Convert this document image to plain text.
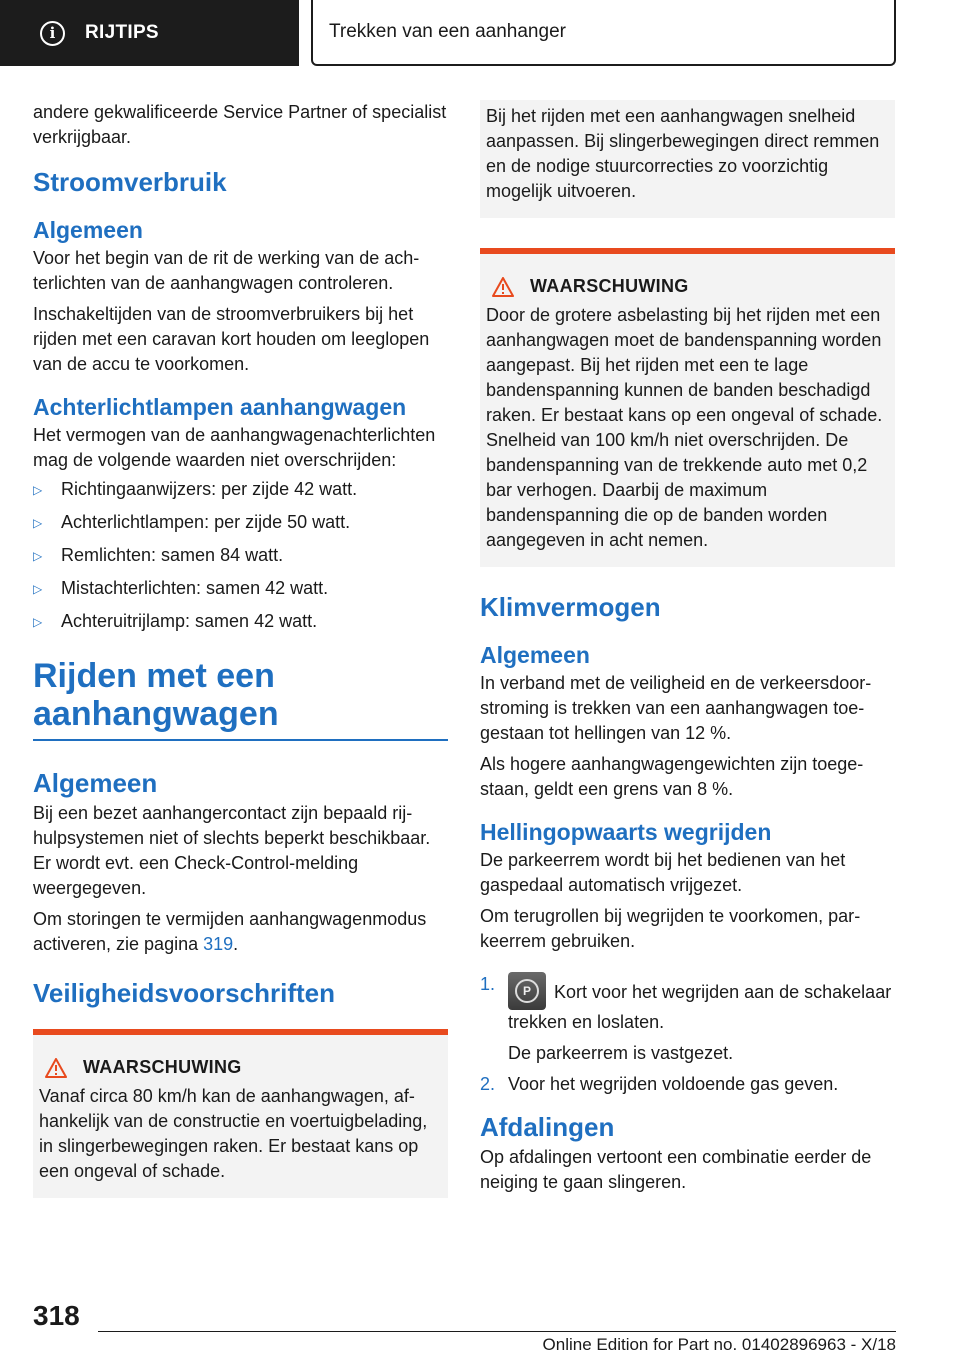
i	RIJTIPS	Trekken van een aanhanger

andere gekwalificeerde Service Partner of specialist verkrijgbaar.

Stroomverbruik
Algemeen

Voor het begin van de rit de werking van de achterlichten van de aanhangwagen controleren.

Inschakeltijden van de stroomverbruikers bij het rijden met een caravan kort houden om leeglopen van de accu te voorkomen.

Achterlichtlampen aanhangwagen

Het vermogen van de aanhangwagenachterlichten mag de volgende waarden niet overschrijden:

▷	Richtingaanwijzers: per zijde 42 watt.
▷	Achterlichtlampen: per zijde 50 watt.
▷	Remlichten: samen 84 watt.
▷	Mistachterlichten: samen 42 watt.
▷	Achteruitrijlamp: samen 42 watt.
Rijden met een aanhangwagen
Algemeen

Bij een bezet aanhangercontact zijn bepaald rijhulpsystemen niet of slechts beperkt beschikbaar. Er wordt evt. een Check-Control-melding weergegeven.

Om storingen te vermijden aanhangwagenmodus activeren, zie pagina 319.

Veiligheidsvoorschriften
WAARSCHUWING

Vanaf circa 80 km/h kan de aanhangwagen, afhankelijk van de constructie en voertuigbelading, in slingerbewegingen raken. Er bestaat kans op een ongeval of schade.

Bij het rijden met een aanhangwagen snelheid aanpassen. Bij slingerbewegingen direct remmen en de nodige stuurcorrecties zo voorzichtig mogelijk uitvoeren.

WAARSCHUWING

Door de grotere asbelasting bij het rijden met een aanhangwagen moet de bandenspanning worden aangepast. Bij het rijden met een te lage bandenspanning kunnen de banden beschadigd raken. Er bestaat kans op een ongeval of schade. Snelheid van 100 km/h niet overschrijden. De bandenspanning van de trekkende auto met 0,2 bar verhogen. Daarbij de maximum bandenspanning die op de banden worden aangegeven in acht nemen.

Klimvermogen
Algemeen

In verband met de veiligheid en de verkeersdoorstroming is trekken van een aanhangwagen toegestaan tot hellingen van 12 %.

Als hogere aanhangwagengewichten zijn toegestaan, geldt een grens van 8 %.

Hellingopwaarts wegrijden

De parkeerrem wordt bij het bedienen van het gaspedaal automatisch vrijgezet.

Om terugrollen bij wegrijden te voorkomen, parkeerrem gebruiken.

1.	P	Kort voor het wegrijden aan de schakelaar trekken en loslaten.

De parkeerrem is vastgezet.

2. Voor het wegrijden voldoende gas geven.

Afdalingen

Op afdalingen vertoont een combinatie eerder de neiging te gaan slingeren.

318
Online Edition for Part no. 01402896963 - X/18
